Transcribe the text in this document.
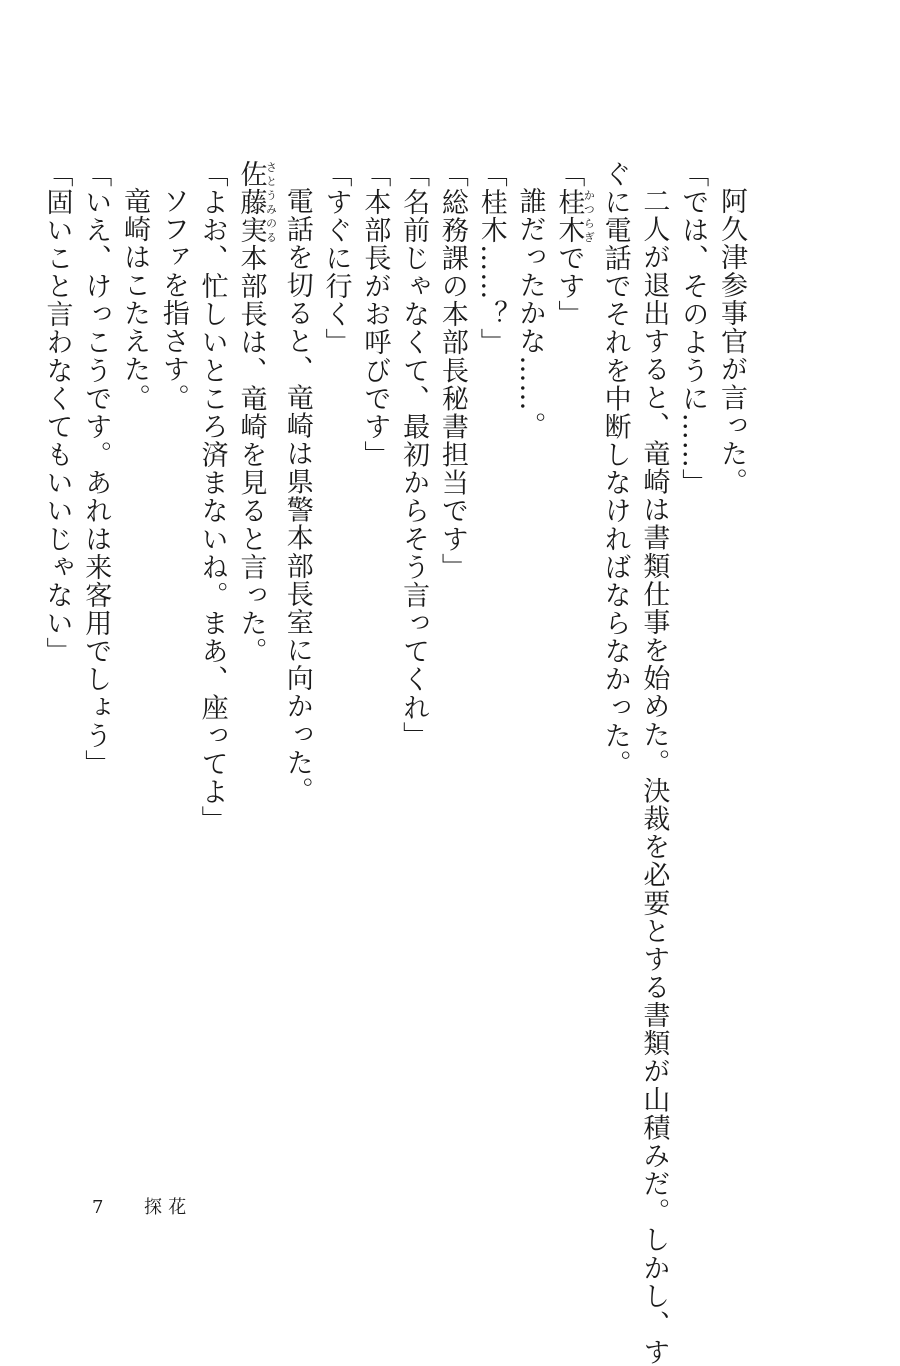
阿久津参事官が言った。

「では、そのように……」

二人が退出すると、竜崎は書類仕事を始めた。決裁を必要とする書類が山積みだ。しかし、す

ぐに電話でそれを中断しなければならなかった。

「桂木かつらぎです」

誰だったかな……。

「桂木……？」

「総務課の本部長秘書担当です」

「名前じゃなくて、最初からそう言ってくれ」

「本部長がお呼びです」

「すぐに行く」

電話を切ると、竜崎は県警本部長室に向かった。

佐藤実さとうみのる本部長は、竜崎を見ると言った。

「よお、忙しいところ済まないね。まあ、座ってよ」

ソファを指さす。

竜崎はこたえた。

「いえ、けっこうです。あれは来客用でしょう」

「固いこと言わなくてもいいじゃない」

7	探花
